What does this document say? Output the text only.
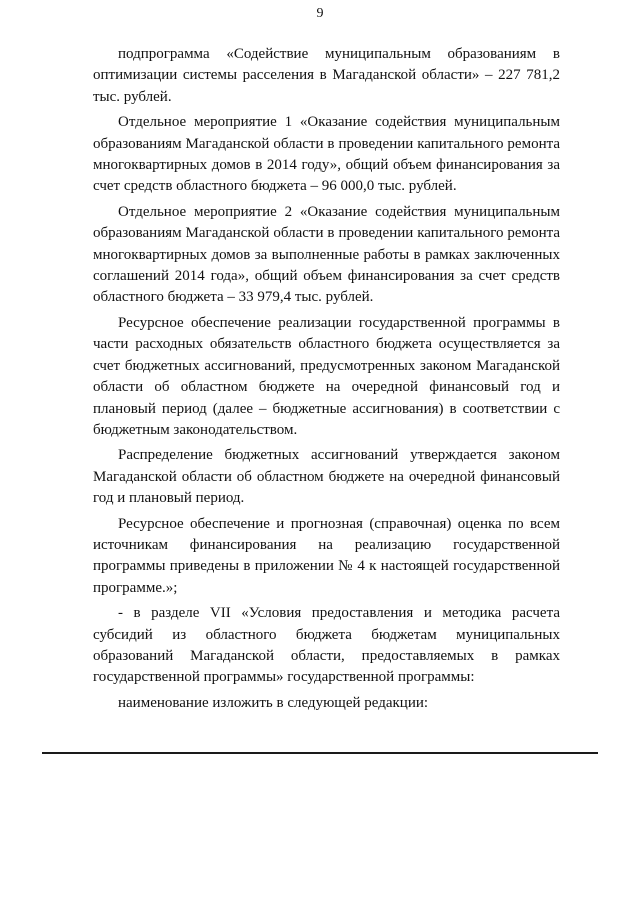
9

подпрограмма «Содействие муниципальным образованиям в оптимизации системы расселения в Магаданской области» – 227 781,2 тыс. рублей.

Отдельное мероприятие 1 «Оказание содействия муниципальным образованиям Магаданской области в проведении капитального ремонта многоквартирных домов в 2014 году», общий объем финансирования за счет средств областного бюджета – 96 000,0 тыс. рублей.

Отдельное мероприятие 2 «Оказание содействия муниципальным образованиям Магаданской области в проведении капитального ремонта многоквартирных домов за выполненные работы в рамках заключенных соглашений 2014 года», общий объем финансирования за счет средств областного бюджета – 33 979,4 тыс. рублей.

Ресурсное обеспечение реализации государственной программы в части расходных обязательств областного бюджета осуществляется за счет бюджетных ассигнований, предусмотренных законом Магаданской области об областном бюджете на очередной финансовый год и плановый период (далее – бюджетные ассигнования) в соответствии с бюджетным законодательством.

Распределение бюджетных ассигнований утверждается законом Магаданской области об областном бюджете на очередной финансовый год и плановый период.

Ресурсное обеспечение и прогнозная (справочная) оценка по всем источникам финансирования на реализацию государственной программы приведены в приложении № 4 к настоящей государственной программе.»;

- в разделе VII «Условия предоставления и методика расчета субсидий из областного бюджета бюджетам муниципальных образований Магаданской области, предоставляемых в рамках государственной программы» государственной программы:

наименование изложить в следующей редакции:
